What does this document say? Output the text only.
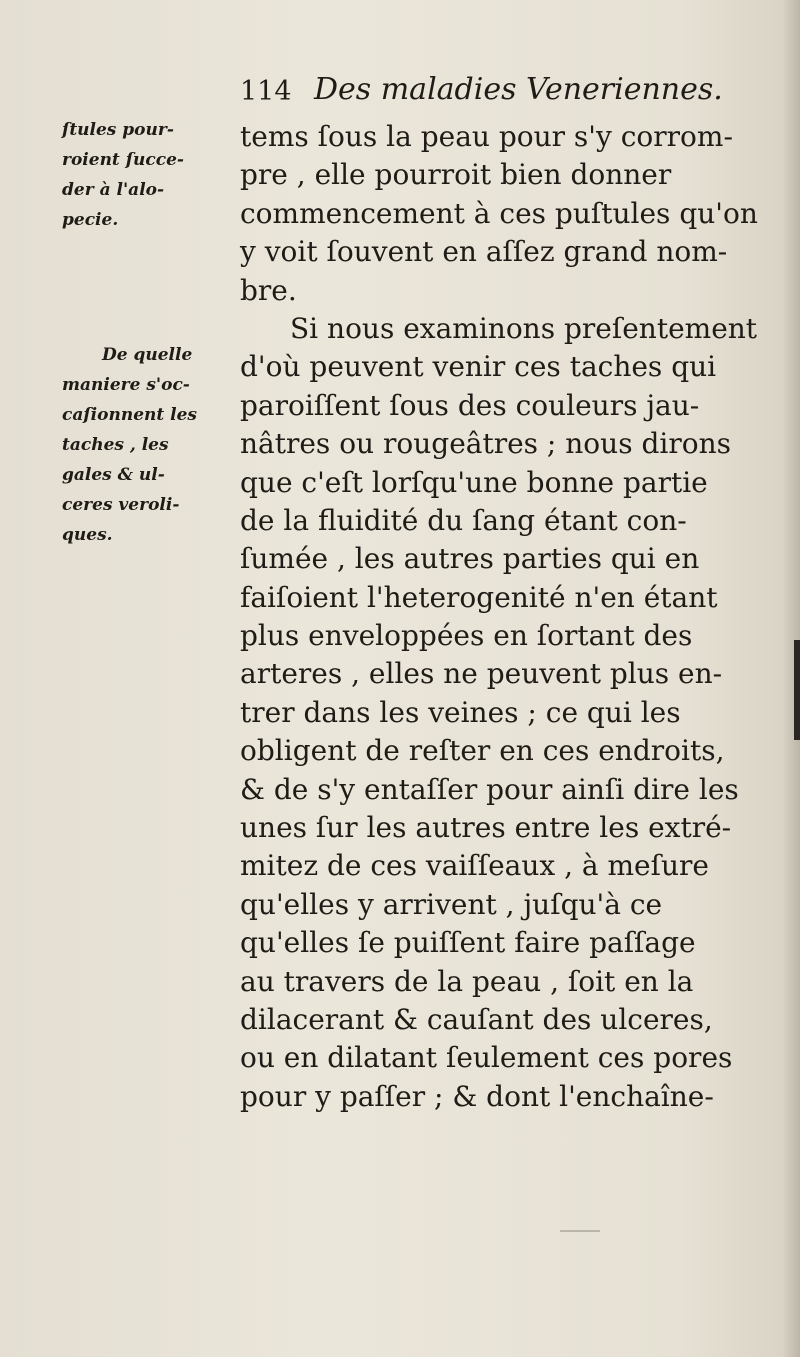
114 Des maladies Veneriennes.
ſtules pour-
roient ſucce-
der à l'alo-
pecie.
De quelle
maniere s'oc-
caſionnent les
taches , les
gales & ul-
ceres veroli-
ques.
tems ſous la peau pour s'y corrom-
pre , elle pourroit bien donner
commencement à ces puſtules qu'on
y voit ſouvent en aſſez grand nom-
bre.
Si nous examinons preſentement
d'où peuvent venir ces taches qui
paroiſſent ſous des couleurs jau-
nâtres ou rougeâtres ; nous dirons
que c'eſt lorſqu'une bonne partie
de la fluidité du ſang étant con-
ſumée , les autres parties qui en
faiſoient l'heterogenité n'en étant
plus enveloppées en ſortant des
arteres , elles ne peuvent plus en-
trer dans les veines ; ce qui les
obligent de reſter en ces endroits,
& de s'y entaſſer pour ainſi dire les
unes ſur les autres entre les extré-
mitez de ces vaiſſeaux , à meſure
qu'elles y arrivent , juſqu'à ce
qu'elles ſe puiſſent faire paſſage
au travers de la peau , ſoit en la
dilacerant & cauſant des ulceres,
ou en dilatant ſeulement ces pores
pour y paſſer ; & dont l'enchaîne-
